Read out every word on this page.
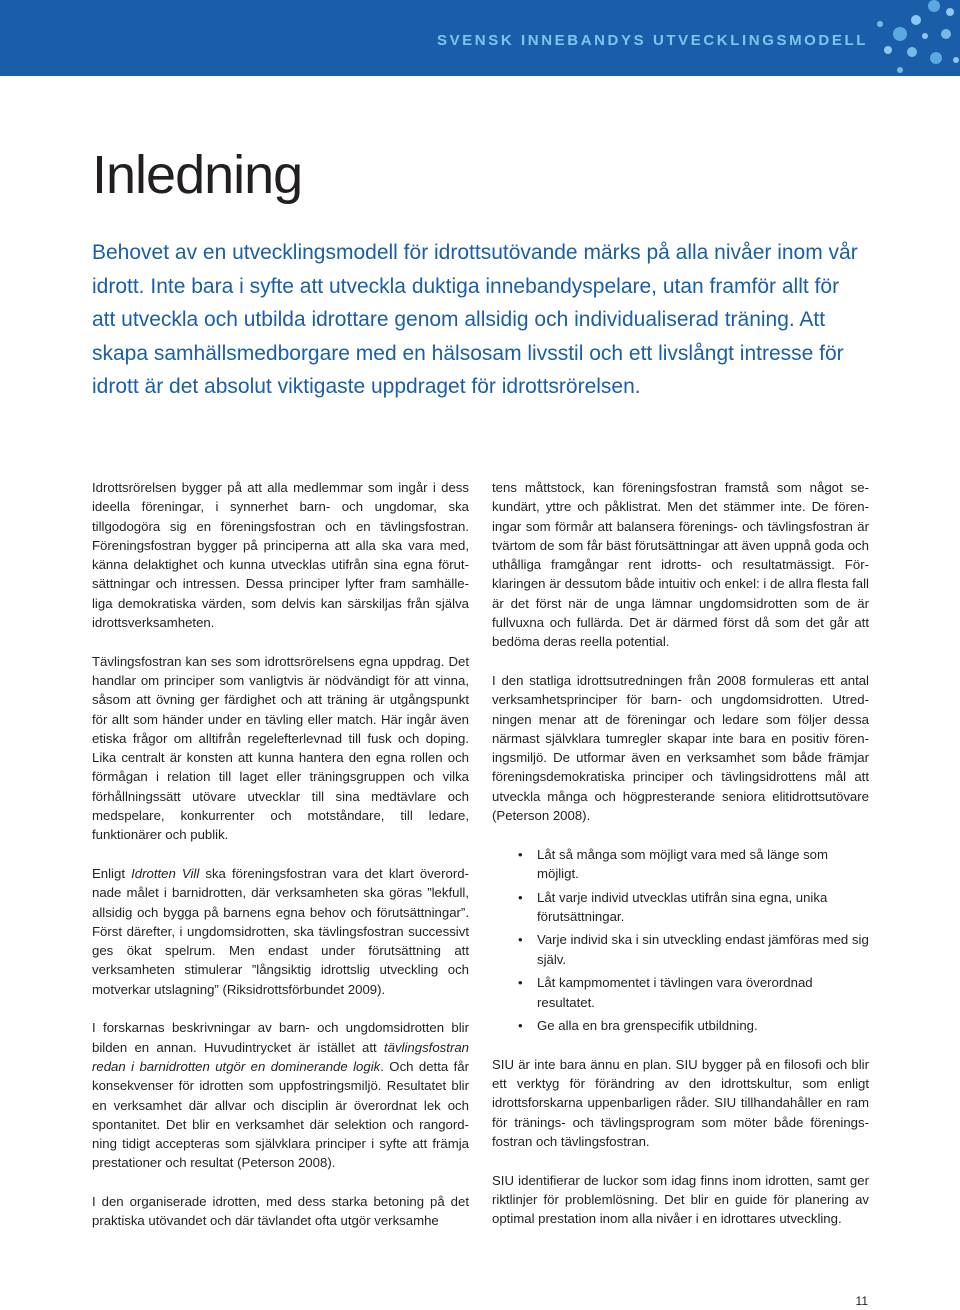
SVENSK INNEBANDYS UTVECKLINGSMODELL
Inledning

Behovet av en utvecklingsmodell för idrottsutövande märks på alla nivåer inom vår idrott. Inte bara i syfte att utveckla duktiga innebandyspelare, utan framför allt för att utveckla och utbilda idrottare genom allsidig och individualiserad träning. Att skapa samhällsmedborgare med en hälsosam livsstil och ett livslångt intresse för idrott är det absolut viktigaste uppdraget för idrottsrörelsen.

Idrottsrörelsen bygger på att alla medlemmar som ingår i dess ideella föreningar, i synnerhet barn- och ungdomar, ska tillgodogöra sig en föreningsfostran och en tävlingsfostran. Föreningsfostran bygger på principerna att alla ska vara med, känna delaktighet och kunna utvecklas utifrån sina egna förutsättningar och intressen. Dessa principer lyfter fram samhälleliga demokratiska värden, som delvis kan särskiljas från själva idrottsverksamheten.

Tävlingsfostran kan ses som idrottsrörelsens egna uppdrag. Det handlar om principer som vanligtvis är nödvändigt för att vinna, såsom att övning ger färdighet och att träning är utgångspunkt för allt som händer under en tävling eller match. Här ingår även etiska frågor om alltifrån regelefterlevnad till fusk och doping. Lika centralt är konsten att kunna hantera den egna rollen och förmågan i relation till laget eller träningsgruppen och vilka förhållningssätt utövare utvecklar till sina medtävlare och medspelare, konkurrenter och motståndare, till ledare, funktionärer och publik.

Enligt Idrotten Vill ska föreningsfostran vara det klart överordnade målet i barnidrotten, där verksamheten ska göras ”lekfull, allsidig och bygga på barnens egna behov och förutsättningar”. Först därefter, i ungdomsidrotten, ska tävlingsfostran successivt ges ökat spelrum. Men endast under förutsättning att verksamheten stimulerar ”långsiktig idrottslig utveckling och motverkar utslagning” (Riksidrottsförbundet 2009).

I forskarnas beskrivningar av barn- och ungdomsidrotten blir bilden en annan. Huvudintrycket är istället att tävlingsfostran redan i barnidrotten utgör en dominerande logik. Och detta får konsekvenser för idrotten som uppfostringsmiljö. Resultatet blir en verksamhet där allvar och disciplin är överordnat lek och spontanitet. Det blir en verksamhet där selektion och rangordning tidigt accepteras som självklara principer i syfte att främja prestationer och resultat (Peterson 2008).

I den organiserade idrotten, med dess starka betoning på det praktiska utövandet och där tävlandet ofta utgör verksamhe

tens måttstock, kan föreningsfostran framstå som något sekundärt, yttre och påklistrat. Men det stämmer inte. De föreningar som förmår att balansera förenings- och tävlingsfostran är tvärtom de som får bäst förutsättningar att även uppnå goda och uthålliga framgångar rent idrotts- och resultatmässigt. Förklaringen är dessutom både intuitiv och enkel: i de allra flesta fall är det först när de unga lämnar ungdomsidrotten som de är fullvuxna och fullärda. Det är därmed först då som det går att bedöma deras reella potential.

I den statliga idrottsutredningen från 2008 formuleras ett antal verksamhetsprinciper för barn- och ungdomsidrotten. Utredningen menar att de föreningar och ledare som följer dessa närmast självklara tumregler skapar inte bara en positiv föreningsmiljö. De utformar även en verksamhet som både främjar föreningsdemokratiska principer och tävlingsidrottens mål att utveckla många och högpresterande seniora elitidrottsutövare (Peterson 2008).

• Låt så många som möjligt vara med så länge som möjligt.
• Låt varje individ utvecklas utifrån sina egna, unika förutsättningar.
• Varje individ ska i sin utveckling endast jämföras med sig själv.
• Låt kampmomentet i tävlingen vara överordnad resultatet.
• Ge alla en bra grenspecifik utbildning.

SIU är inte bara ännu en plan. SIU bygger på en filosofi och blir ett verktyg för förändring av den idrottskultur, som enligt idrottsforskarna uppenbarligen råder. SIU tillhandahåller en ram för tränings- och tävlingsprogram som möter både föreningsfostran och tävlingsfostran.

SIU identifierar de luckor som idag finns inom idrotten, samt ger riktlinjer för problemlösning. Det blir en guide för planering av optimal prestation inom alla nivåer i en idrottares utveckling.

11
